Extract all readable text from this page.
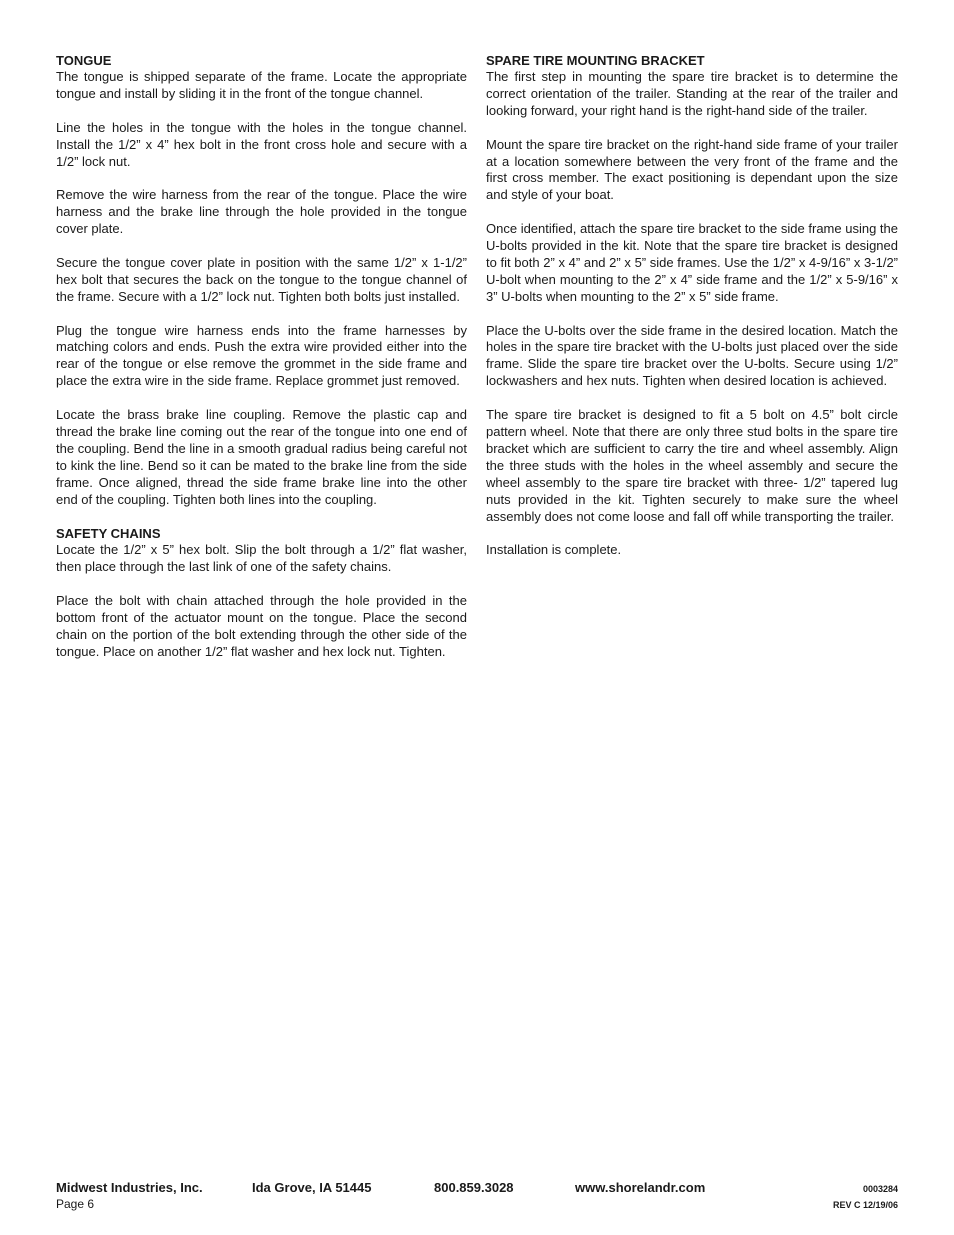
TONGUE

The tongue is shipped separate of the frame. Locate the appropriate tongue and install by sliding it in the front of the tongue channel.

Line the holes in the tongue with the holes in the tongue channel. Install the 1/2” x 4” hex bolt in the front cross hole and secure with a 1/2” lock nut.

Remove the wire harness from the rear of the tongue. Place the wire harness and the brake line through the hole provided in the tongue cover plate.

Secure the tongue cover plate in position with the same 1/2” x 1-1/2” hex bolt that secures the back on the tongue to the tongue channel of the frame. Secure with a 1/2” lock nut. Tighten both bolts just installed.

Plug the tongue wire harness ends into the frame harnesses by matching colors and ends. Push the extra wire provided either into the rear of the tongue or else remove the grommet in the side frame and place the extra wire in the side frame. Replace grommet just removed.

Locate the brass brake line coupling. Remove the plastic cap and thread the brake line coming out the rear of the tongue into one end of the coupling. Bend the line in a smooth gradual radius being careful not to kink the line. Bend so it can be mated to the brake line from the side frame. Once aligned, thread the side frame brake line into the other end of the coupling. Tighten both lines into the coupling.

SAFETY CHAINS

Locate the 1/2” x 5” hex bolt. Slip the bolt through a 1/2” flat washer, then place through the last link of one of the safety chains.

Place the bolt with chain attached through the hole provided in the bottom front of the actuator mount on the tongue. Place the second chain on the portion of the bolt extending through the other side of the tongue. Place on another 1/2” flat washer and hex lock nut. Tighten.

SPARE TIRE MOUNTING BRACKET

The first step in mounting the spare tire bracket is to determine the correct orientation of the trailer. Standing at the rear of the trailer and looking forward, your right hand is the right-hand side of the trailer.

Mount the spare tire bracket on the right-hand side frame of your trailer at a location somewhere between the very front of the frame and the first cross member. The exact positioning is dependant upon the size and style of your boat.

Once identified, attach the spare tire bracket to the side frame using the U-bolts provided in the kit. Note that the spare tire bracket is designed to fit both 2” x 4” and 2” x 5” side frames. Use the 1/2” x 4-9/16” x 3-1/2” U-bolt when mounting to the 2” x 4” side frame and the 1/2” x 5-9/16” x 3” U-bolts when mounting to the 2” x 5” side frame.

Place the U-bolts over the side frame in the desired location. Match the holes in the spare tire bracket with the U-bolts just placed over the side frame. Slide the spare tire bracket over the U-bolts. Secure using 1/2” lockwashers and hex nuts. Tighten when desired location is achieved.

The spare tire bracket is designed to fit a 5 bolt on 4.5” bolt circle pattern wheel. Note that there are only three stud bolts in the spare tire bracket which are sufficient to carry the tire and wheel assembly. Align the three studs with the holes in the wheel assembly and secure the wheel assembly to the spare tire bracket with three- 1/2” tapered lug nuts provided in the kit. Tighten securely to make sure the wheel assembly does not come loose and fall off while transporting the trailer.

Installation is complete.

Midwest Industries, Inc.	Ida Grove, IA 51445	800.859.3028	www.shorelandr.com	0003284
Page 6	REV C 12/19/06
